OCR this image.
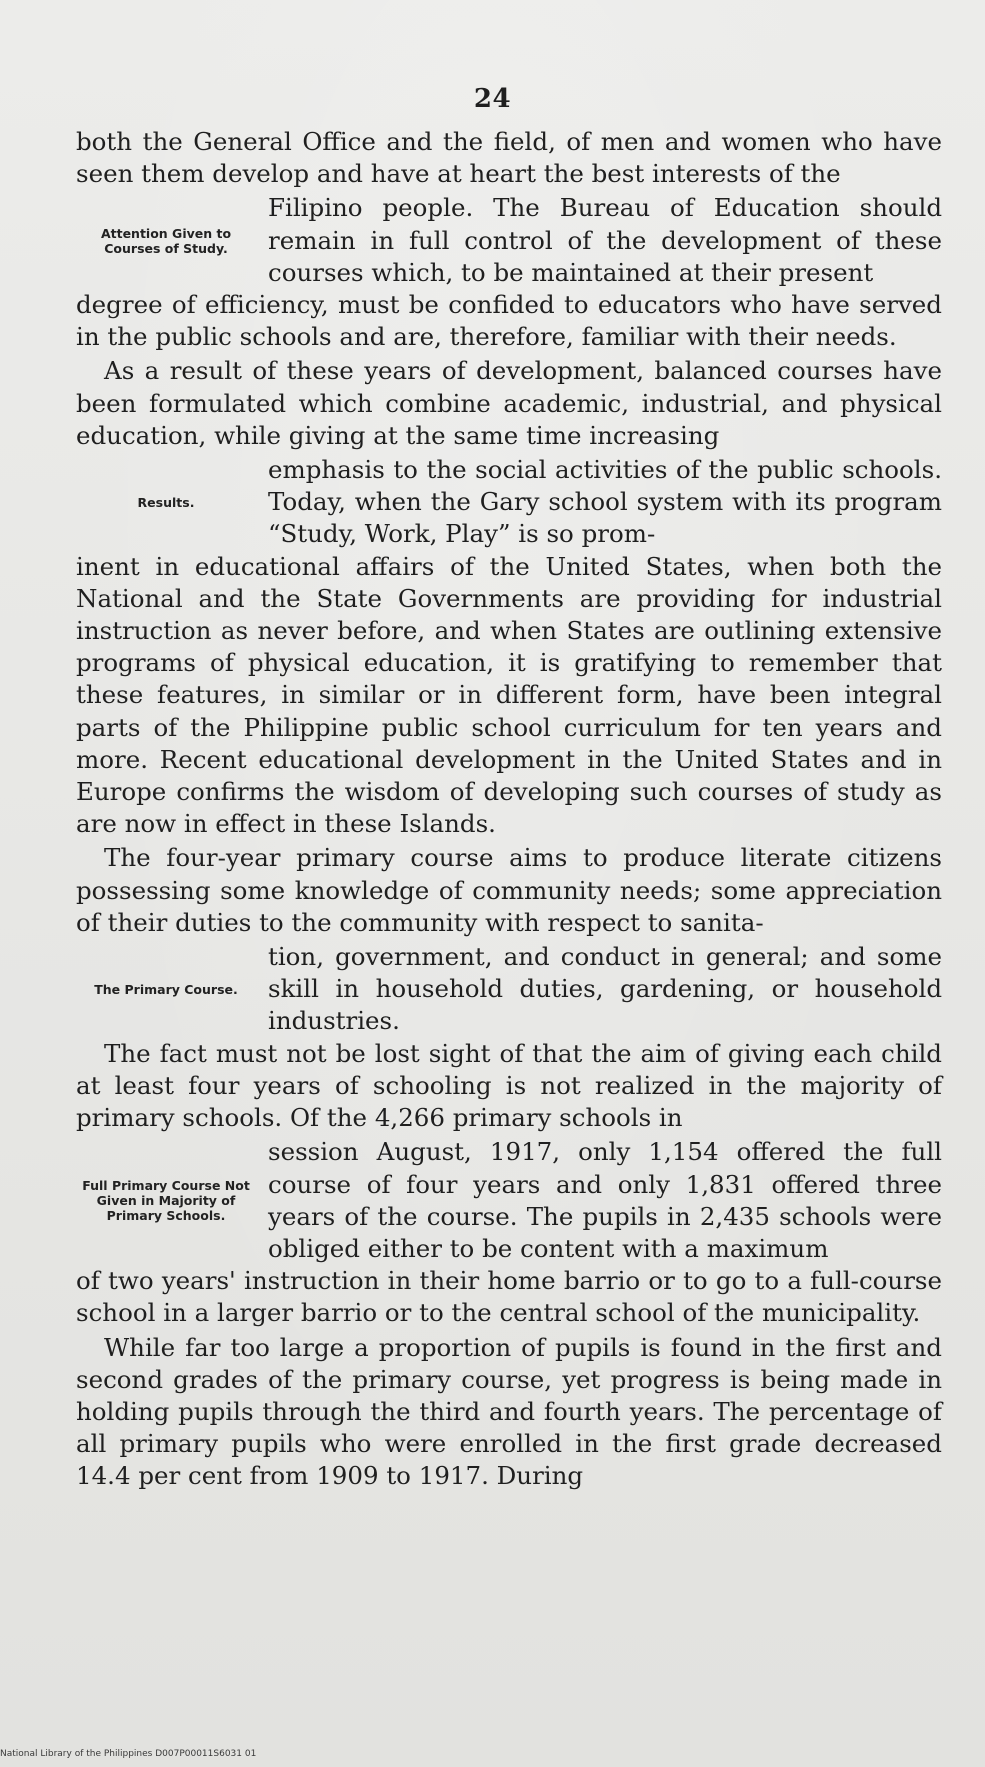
24

both the General Office and the field, of men and women who have seen them develop and have at heart the best interests of the

Attention Given to Courses of Study.

Filipino people. The Bureau of Education should remain in full control of the development of these courses which, to be maintained at their present

degree of efficiency, must be confided to educators who have served in the public schools and are, therefore, familiar with their needs.

As a result of these years of development, balanced courses have been formulated which combine academic, industrial, and physical education, while giving at the same time increasing

Results.

emphasis to the social activities of the public schools. Today, when the Gary school system with its program “Study, Work, Play” is so prom-

inent in educational affairs of the United States, when both the National and the State Governments are providing for industrial instruction as never before, and when States are outlining extensive programs of physical education, it is gratifying to remember that these features, in similar or in different form, have been integral parts of the Philippine public school curriculum for ten years and more. Recent educational development in the United States and in Europe confirms the wisdom of developing such courses of study as are now in effect in these Islands.

The four-year primary course aims to produce literate citizens possessing some knowledge of community needs; some appreciation of their duties to the community with respect to sanita-

The Primary Course.

tion, government, and conduct in general; and some skill in household duties, gardening, or household industries.

The fact must not be lost sight of that the aim of giving each child at least four years of schooling is not realized in the majority of primary schools. Of the 4,266 primary schools in

Full Primary Course Not Given in Majority of Primary Schools.

session August, 1917, only 1,154 offered the full course of four years and only 1,831 offered three years of the course. The pupils in 2,435 schools were obliged either to be content with a maximum

of two years' instruction in their home barrio or to go to a full-course school in a larger barrio or to the central school of the municipality.

While far too large a proportion of pupils is found in the first and second grades of the primary course, yet progress is being made in holding pupils through the third and fourth years. The percentage of all primary pupils who were enrolled in the first grade decreased 14.4 per cent from 1909 to 1917. During

National Library of the Philippines D007P00011S6031 01
